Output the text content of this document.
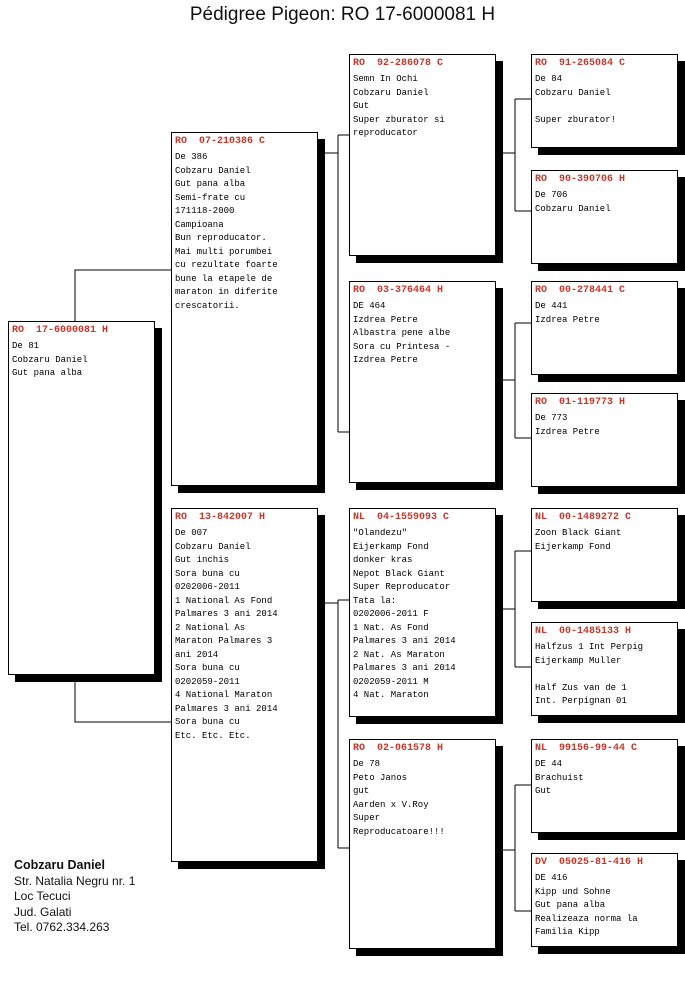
Pédigree Pigeon: RO 17-6000081 H
RO  17-6000081 H
De 81
Cobzaru Daniel
Gut pana alba
RO  07-210386 C
De 386
Cobzaru Daniel
Gut pana alba
Semi-frate cu
171118-2000
Campioana
Bun reproducator.
Mai multi porumbei
cu rezultate foarte
bune la etapele de
maraton in diferite
crescatorii.
RO  13-842007 H
De 007
Cobzaru Daniel
Gut inchis
Sora buna cu
0202006-2011
1 National As Fond
Palmares 3 ani 2014
2 National As
Maraton Palmares 3
ani 2014
Sora buna cu
0202059-2011
4 National Maraton
Palmares 3 ani 2014
Sora buna cu
Etc. Etc. Etc.
RO  92-286078 C
Semn In Ochi
Cobzaru Daniel
Gut
Super zburator si
reproducator
RO  03-376464 H
DE 464
Izdrea Petre
Albastra pene albe
Sora cu Printesa -
Izdrea Petre
NL  04-1559093 C
"Olandezu"
Eijerkamp Fond
donker kras
Nepot Black Giant
Super Reproducator
Tata la:
0202006-2011 F
1 Nat. As Fond
Palmares 3 ani 2014
2 Nat. As Maraton
Palmares 3 ani 2014
0202059-2011 M
4 Nat. Maraton
RO  02-061578 H
De 78
Peto Janos
gut
Aarden x V.Roy
Super
Reproducatoare!!!
RO  91-265084 C
De 84
Cobzaru Daniel
Super zburator!
RO  90-390706 H
De 706
Cobzaru Daniel
RO  00-278441 C
De 441
Izdrea Petre
RO  01-119773 H
De 773
Izdrea Petre
NL  00-1489272 C
Zoon Black Giant
Eijerkamp Fond
NL  00-1485133 H
Halfzus 1 Int Perpig
Eijerkamp Muller
Half Zus van de 1
Int. Perpignan 01
NL  99156-99-44 C
DE 44
Brachuist
Gut
DV  05025-81-416 H
DE 416
Kipp und Sohne
Gut pana alba
Realizeaza norma la
Familia Kipp
Cobzaru Daniel
Str. Natalia Negru nr. 1
Loc Tecuci
Jud. Galati
Tel. 0762.334.263
